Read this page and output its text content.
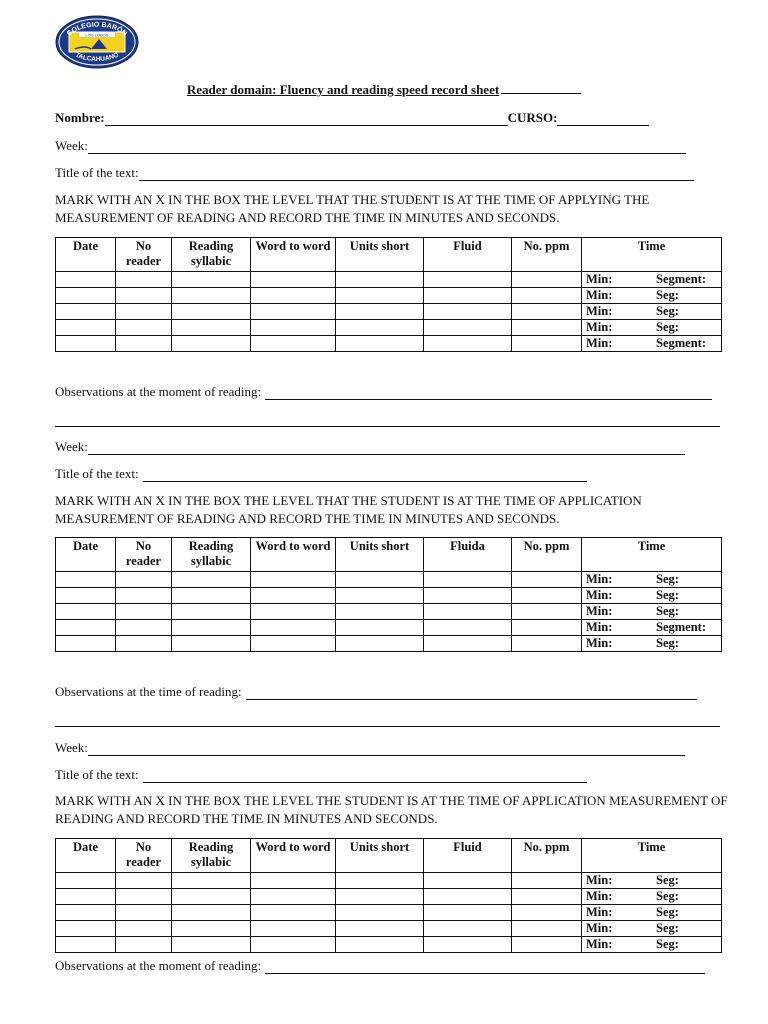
COLEGIO BARÓN
LOS LOBOS
TALCAHUANO
Reader domain: Fluency and reading speed record sheet
Nombre:	CURSO:
Week:
Title of the text:
MARK WITH AN X IN THE BOX THE LEVEL THAT THE STUDENT IS AT THE TIME OF APPLYING THE MEASUREMENT OF READING AND RECORD THE TIME IN MINUTES AND SECONDS.
Date	No reader	Reading syllabic	Word to word	Units short	Fluid	No. ppm	Time
							Min: Segment:
							Min: Seg:
							Min: Seg:
							Min: Seg:
							Min: Segment:
Observations at the moment of reading:
Week:
Title of the text:
MARK WITH AN X IN THE BOX THE LEVEL THAT THE STUDENT IS AT THE TIME OF APPLICATION MEASUREMENT OF READING AND RECORD THE TIME IN MINUTES AND SECONDS.
Date	No reader	Reading syllabic	Word to word	Units short	Fluida	No. ppm	Time
							Min: Seg:
							Min: Seg:
							Min: Seg:
							Min: Segment:
							Min: Seg:
Observations at the time of reading:
Week:
Title of the text:
MARK WITH AN X IN THE BOX THE LEVEL THE STUDENT IS AT THE TIME OF APPLICATION MEASUREMENT OF READING AND RECORD THE TIME IN MINUTES AND SECONDS.
Date	No reader	Reading syllabic	Word to word	Units short	Fluid	No. ppm	Time
							Min: Seg:
							Min: Seg:
							Min: Seg:
							Min: Seg:
							Min: Seg:
Observations at the moment of reading:
